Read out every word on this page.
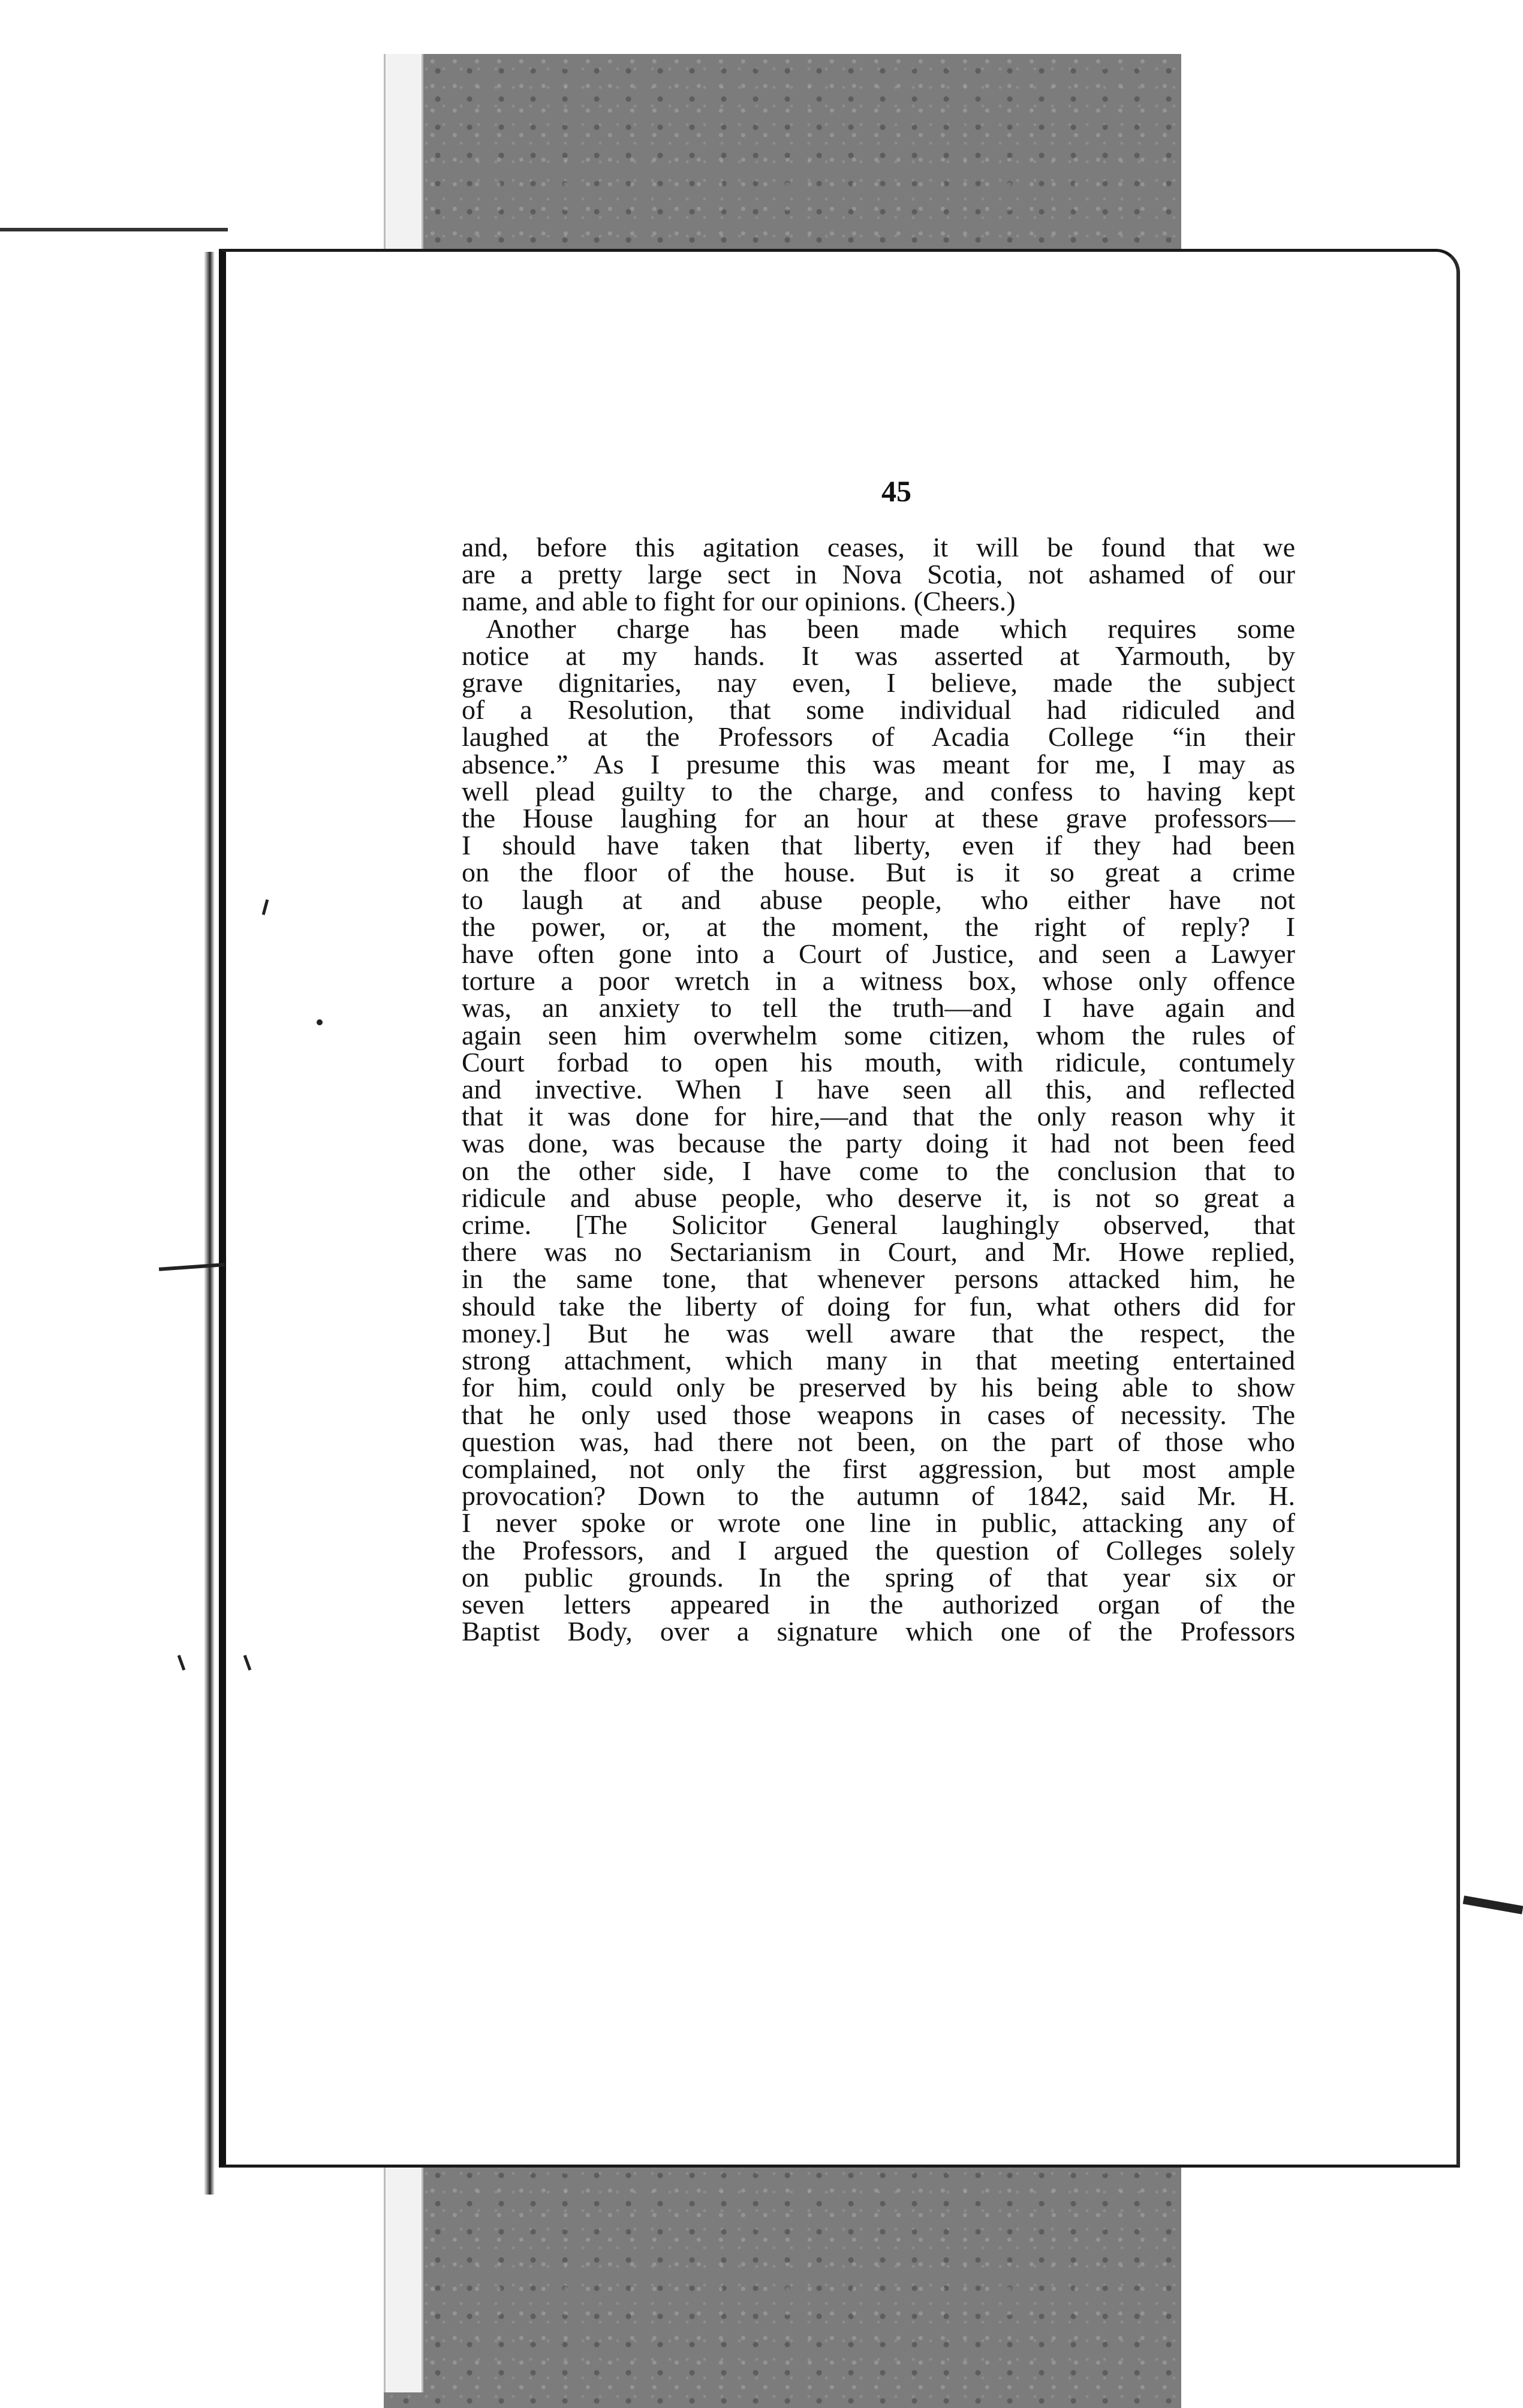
45
and, before this agitation ceases, it will be found that we
are a pretty large sect in Nova Scotia, not ashamed of our
name, and able to fight for our opinions. (Cheers.)
Another charge has been made which requires some
notice at my hands. It was asserted at Yarmouth, by
grave dignitaries, nay even, I believe, made the subject
of a Resolution, that some individual had ridiculed and
laughed at the Professors of Acadia College “in their
absence.” As I presume this was meant for me, I may as
well plead guilty to the charge, and confess to having kept
the House laughing for an hour at these grave professors—
I should have taken that liberty, even if they had been
on the floor of the house. But is it so great a crime
to laugh at and abuse people, who either have not
the power, or, at the moment, the right of reply? I
have often gone into a Court of Justice, and seen a Lawyer
torture a poor wretch in a witness box, whose only offence
was, an anxiety to tell the truth—and I have again and
again seen him overwhelm some citizen, whom the rules of
Court forbad to open his mouth, with ridicule, contumely
and invective. When I have seen all this, and reflected
that it was done for hire,—and that the only reason why it
was done, was because the party doing it had not been feed
on the other side, I have come to the conclusion that to
ridicule and abuse people, who deserve it, is not so great a
crime. [The Solicitor General laughingly observed, that
there was no Sectarianism in Court, and Mr. Howe replied,
in the same tone, that whenever persons attacked him, he
should take the liberty of doing for fun, what others did for
money.] But he was well aware that the respect, the
strong attachment, which many in that meeting entertained
for him, could only be preserved by his being able to show
that he only used those weapons in cases of necessity. The
question was, had there not been, on the part of those who
complained, not only the first aggression, but most ample
provocation? Down to the autumn of 1842, said Mr. H.
I never spoke or wrote one line in public, attacking any of
the Professors, and I argued the question of Colleges solely
on public grounds. In the spring of that year six or
seven letters appeared in the authorized organ of the
Baptist Body, over a signature which one of the Professors
